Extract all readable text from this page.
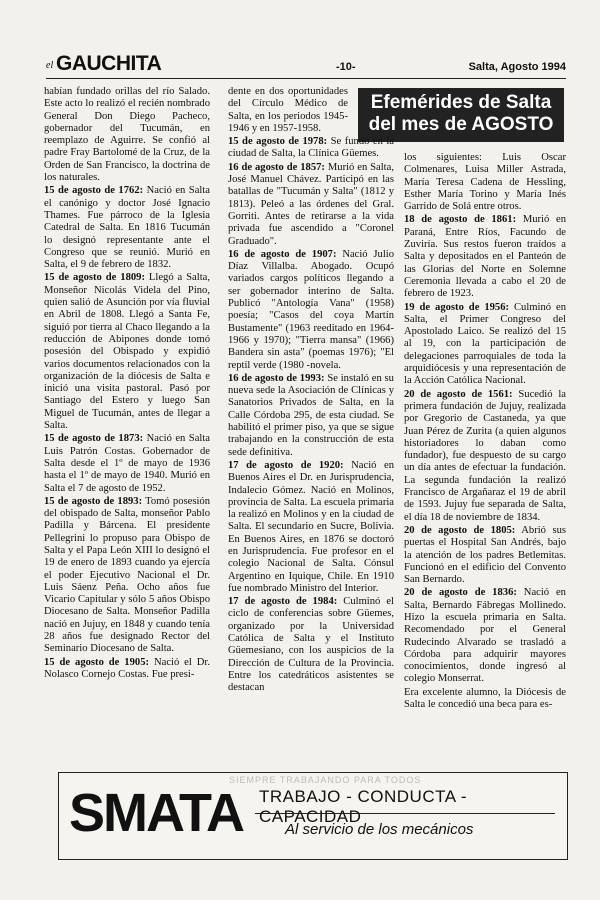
el GAUCHITA	-10-	Salta, Agosto 1994
Efemérides de Salta
del mes de AGOSTO

habían fundado orillas del río Salado. Este acto lo realizó el recién nombrado General Don Diego Pacheco, gobernador del Tucumán, en reemplazo de Aguirre. Se confió al padre Fray Bartolomé de la Cruz, de la Orden de San Francisco, la doctrina de los naturales.

15 de agosto de 1762: Nació en Salta el canónigo y doctor José Ignacio Thames. Fue párroco de la Iglesia Catedral de Salta. En 1816 Tucumán lo designó representante ante el Congreso que se reunió. Murió en Salta, el 9 de febrero de 1832.

15 de agosto de 1809: Llegó a Salta, Monseñor Nicolás Videla del Pino, quien salió de Asunción por vía fluvial en Abril de 1808. Llegó a Santa Fe, siguió por tierra al Chaco llegando a la reducción de Abipones donde tomó posesión del Obispado y expidió varios documentos relacionados con la organización de la diócesis de Salta e inició una visita pastoral. Pasó por Santiago del Estero y luego San Miguel de Tucumán, antes de llegar a Salta.

15 de agosto de 1873: Nació en Salta Luis Patrón Costas. Gobernador de Salta desde el 1º de mayo de 1936 hasta el 1º de mayo de 1940. Murió en Salta el 7 de agosto de 1952.

15 de agosto de 1893: Tomó posesión del obispado de Salta, monseñor Pablo Padilla y Bárcena. El presidente Pellegrini lo propuso para Obispo de Salta y el Papa León XIII lo designó el 19 de enero de 1893 cuando ya ejercía el poder Ejecutivo Nacional el Dr. Luis Sáenz Peña. Ocho años fue Vicario Capitular y sólo 5 años Obispo Diocesano de Salta. Monseñor Padilla nació en Jujuy, en 1848 y cuando tenía 28 años fue designado Rector del Seminario Diocesano de Salta.

15 de agosto de 1905: Nació el Dr. Nolasco Cornejo Costas. Fue presi-

dente en dos oportunidades del Círculo Médico de Salta, en los periodos 1945-1946 y en 1957-1958.

15 de agosto de 1978: Se fundó en la ciudad de Salta, la Clínica Güemes.

16 de agosto de 1857: Murió en Salta, José Manuel Chávez. Participó en las batallas de "Tucumán y Salta" (1812 y 1813). Peleó a las órdenes del Gral. Gorriti. Antes de retirarse a la vida privada fue ascendido a "Coronel Graduado".

16 de agosto de 1907: Nació Julio Díaz Villalba. Abogado. Ocupó variados cargos políticos llegando a ser gobernador interino de Salta. Publicó "Antología Vana" (1958) poesía; "Casos del coya Martín Bustamente" (1963 reeditado en 1964-1966 y 1970); "Tierra mansa" (1966) Bandera sin asta" (poemas 1976); "El reptil verde (1980 -novela.

16 de agosto de 1993: Se instaló en su nueva sede la Asociación de Clínicas y Sanatorios Privados de Salta, en la Calle Córdoba 295, de esta ciudad. Se habilitó el primer piso, ya que se sigue trabajando en la construcción de esta sede definitiva.

17 de agosto de 1920: Nació en Buenos Aires el Dr. en Jurisprudencia, Indalecio Gómez. Nació en Molinos, provincia de Salta. La escuela primaria la realizó en Molinos y en la ciudad de Salta. El secundario en Sucre, Bolivia. En Buenos Aires, en 1876 se doctoró en Jurisprudencia. Fue profesor en el colegio Nacional de Salta. Cónsul Argentino en Iquique, Chile. En 1910 fue nombrado Ministro del Interior.

17 de agosto de 1984: Culminó el ciclo de conferencias sobre Güemes, organizado por la Universidad Católica de Salta y el Instituto Güemesiano, con los auspicios de la Dirección de Cultura de la Provincia. Entre los catedráticos asistentes se destacan

los siguientes: Luis Oscar Colmenares, Luisa Miller Astrada, María Teresa Cadena de Hessling, Esther María Torino y María Inés Garrido de Solá entre otros.

18 de agosto de 1861: Murió en Paraná, Entre Ríos, Facundo de Zuviría. Sus restos fueron traídos a Salta y depositados en el Panteón de las Glorias del Norte en Solemne Ceremonia llevada a cabo el 20 de febrero de 1923.

19 de agosto de 1956: Culminó en Salta, el Primer Congreso del Apostolado Laico. Se realizó del 15 al 19, con la participación de delegaciones parroquiales de toda la arquidiócesis y una representación de la Acción Católica Nacional.

20 de agosto de 1561: Sucedió la primera fundación de Jujuy, realizada por Gregorio de Castaneda, ya que Juan Pérez de Zurita (a quien algunos historiadores lo daban como fundador), fue despuesto de su cargo un día antes de efectuar la fundación. La segunda fundación la realizó Francisco de Argañaraz el 19 de abril de 1593. Jujuy fue separada de Salta, el día 18 de noviembre de 1834.

20 de agosto de 1805: Abrió sus puertas el Hospital San Andrés, bajo la atención de los padres Betlemitas. Funcionó en el edificio del Convento San Bernardo.

20 de agosto de 1836: Nació en Salta, Bernardo Fábregas Mollinedo. Hizo la escuela primaria en Salta. Recomendado por el General Rudecindo Alvarado se trasladó a Córdoba para adquirir mayores conocimientos, donde ingresó al colegio Monserrat.

Era excelente alumno, la Diócesis de Salta le concedió una beca para es-

SIEMPRE TRABAJANDO PARA TODOS
SMATA TRABAJO - CONDUCTA - CAPACIDAD
Al servicio de los mecánicos
